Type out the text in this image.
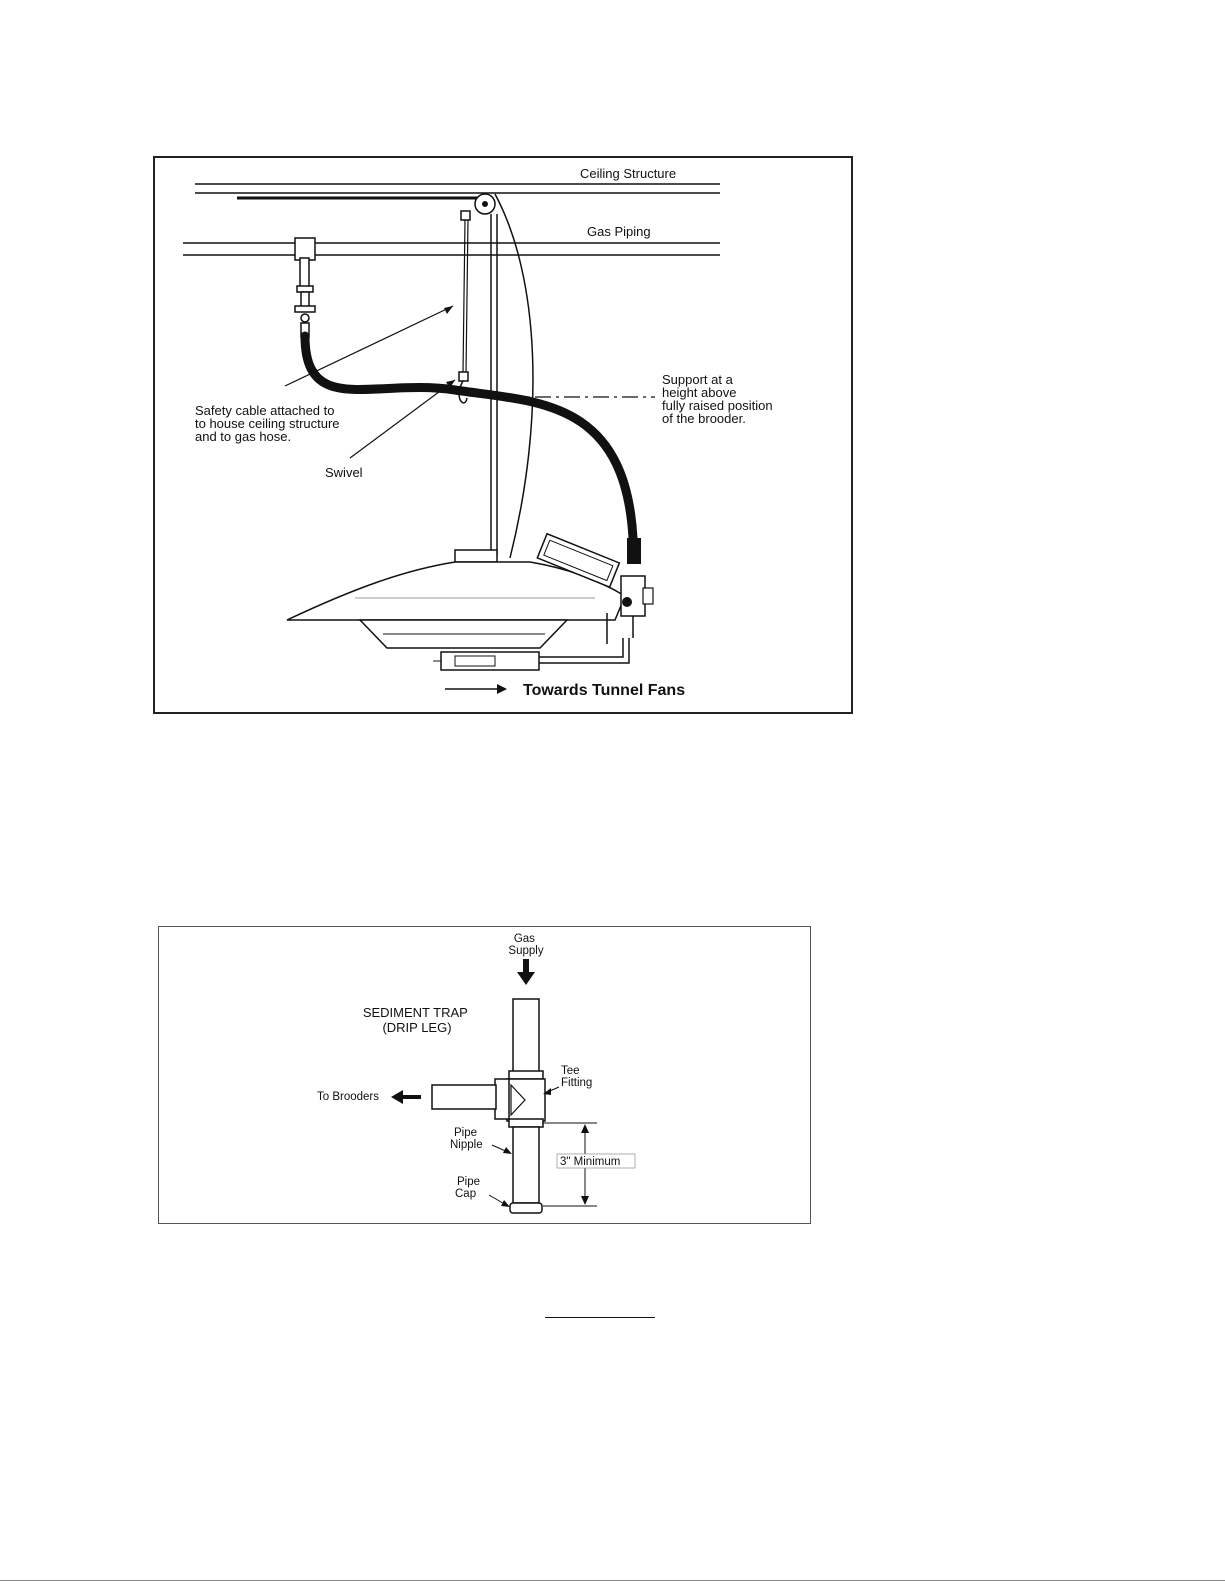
Ceiling Structure
Gas Piping
Safety cable attached to to house ceiling structure and to gas hose.
Swivel
Support at a height above fully raised position of the brooder.
Towards Tunnel Fans
Gas Supply
SEDIMENT TRAP (DRIP LEG)
To Brooders
Tee Fitting
Pipe Nipple
Pipe Cap
3" Minimum
